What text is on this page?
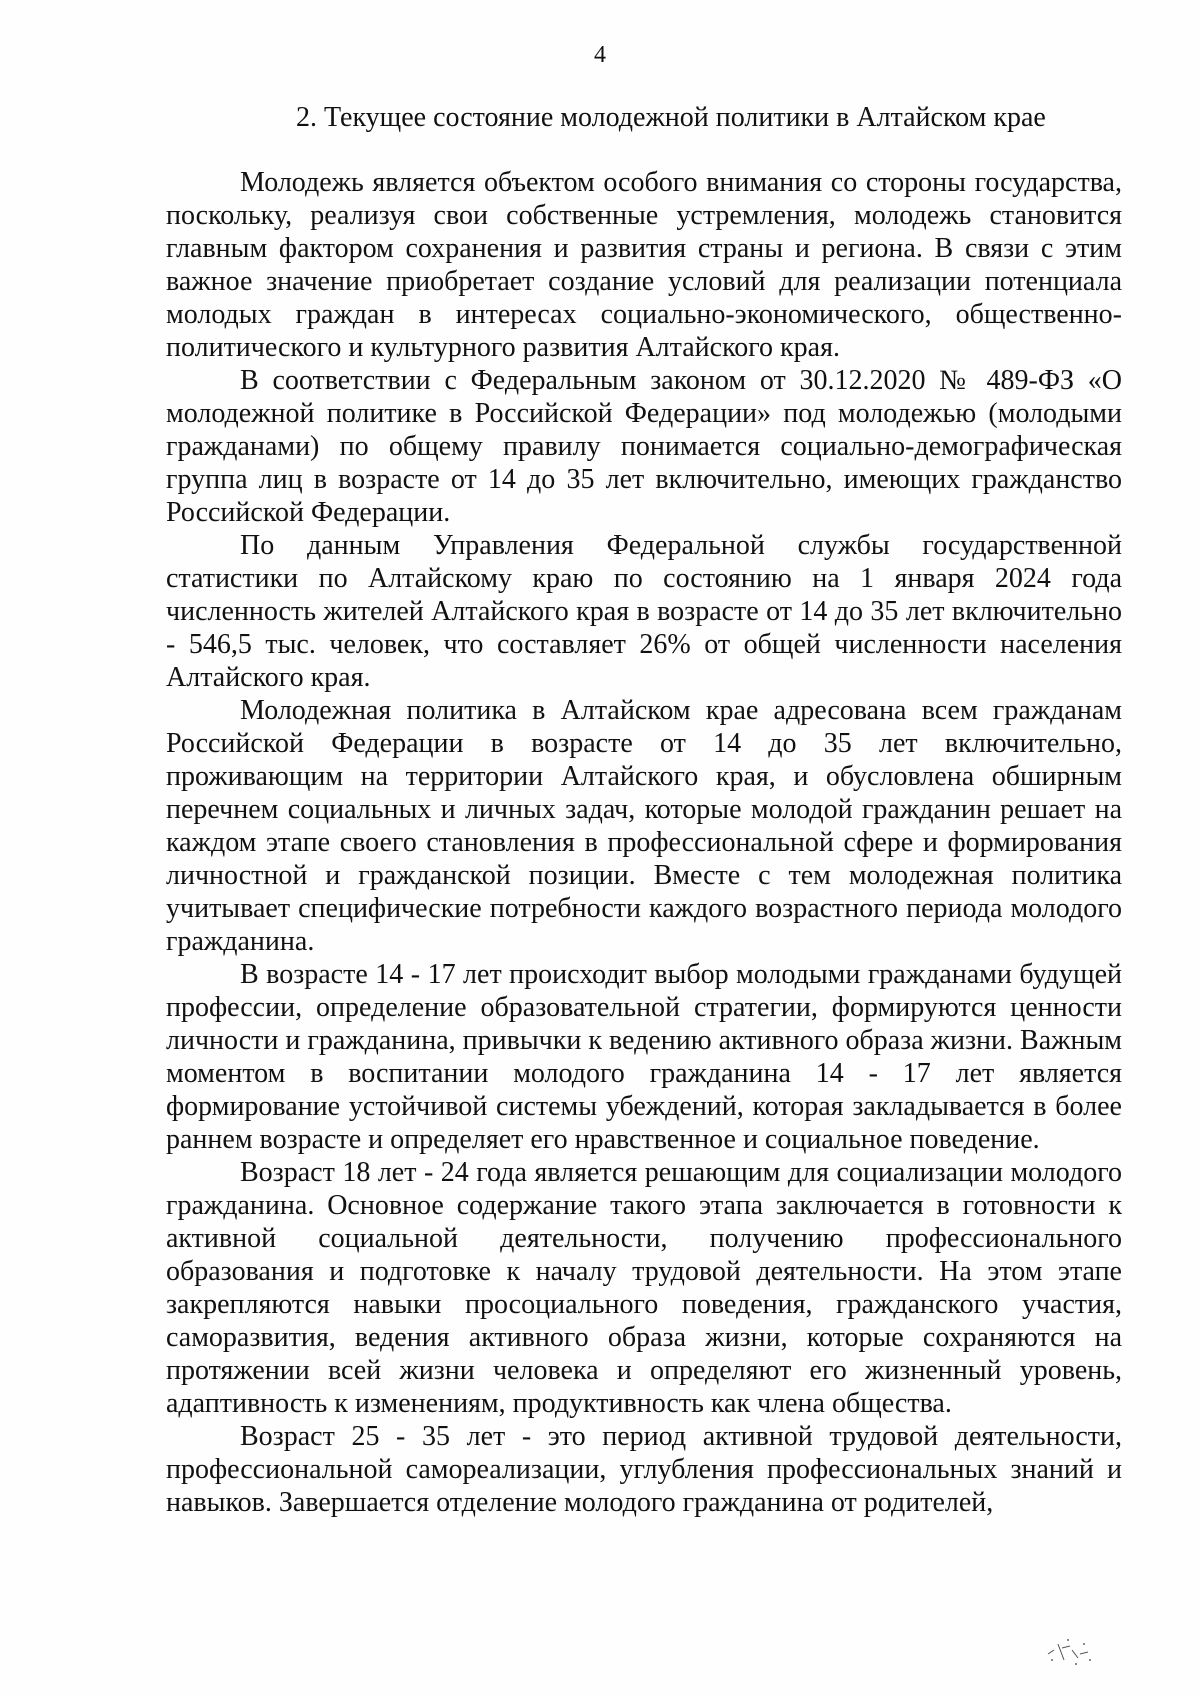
4
2. Текущее состояние молодежной политики в Алтайском крае

Молодежь является объектом особого внимания со стороны государства, поскольку, реализуя свои собственные устремления, молодежь становится главным фактором сохранения и развития страны и региона. В связи с этим важное значение приобретает создание условий для реализации потенциала молодых граждан в интересах социально-экономического, общественно-политического и культурного развития Алтайского края.

В соответствии с Федеральным законом от 30.12.2020 № 489-ФЗ «О молодежной политике в Российской Федерации» под молодежью (молодыми гражданами) по общему правилу понимается социально-демографическая группа лиц в возрасте от 14 до 35 лет включительно, имеющих гражданство Российской Федерации.

По данным Управления Федеральной службы государственной статистики по Алтайскому краю по состоянию на 1 января 2024 года численность жителей Алтайского края в возрасте от 14 до 35 лет включительно - 546,5 тыс. человек, что составляет 26% от общей численности населения Алтайского края.

Молодежная политика в Алтайском крае адресована всем гражданам Российской Федерации в возрасте от 14 до 35 лет включительно, проживающим на территории Алтайского края, и обусловлена обширным перечнем социальных и личных задач, которые молодой гражданин решает на каждом этапе своего становления в профессиональной сфере и формирования личностной и гражданской позиции. Вместе с тем молодежная политика учитывает специфические потребности каждого возрастного периода молодого гражданина.

В возрасте 14 - 17 лет происходит выбор молодыми гражданами будущей профессии, определение образовательной стратегии, формируются ценности личности и гражданина, привычки к ведению активного образа жизни. Важным моментом в воспитании молодого гражданина 14 - 17 лет является формирование устойчивой системы убеждений, которая закладывается в более раннем возрасте и определяет его нравственное и социальное поведение.

Возраст 18 лет - 24 года является решающим для социализации молодого гражданина. Основное содержание такого этапа заключается в готовности к активной социальной деятельности, получению профессионального образования и подготовке к началу трудовой деятельности. На этом этапе закрепляются навыки просоциального поведения, гражданского участия, саморазвития, ведения активного образа жизни, которые сохраняются на протяжении всей жизни человека и определяют его жизненный уровень, адаптивность к изменениям, продуктивность как члена общества.

Возраст 25 - 35 лет - это период активной трудовой деятельности, профессиональной самореализации, углубления профессиональных знаний и навыков. Завершается отделение молодого гражданина от родителей,
